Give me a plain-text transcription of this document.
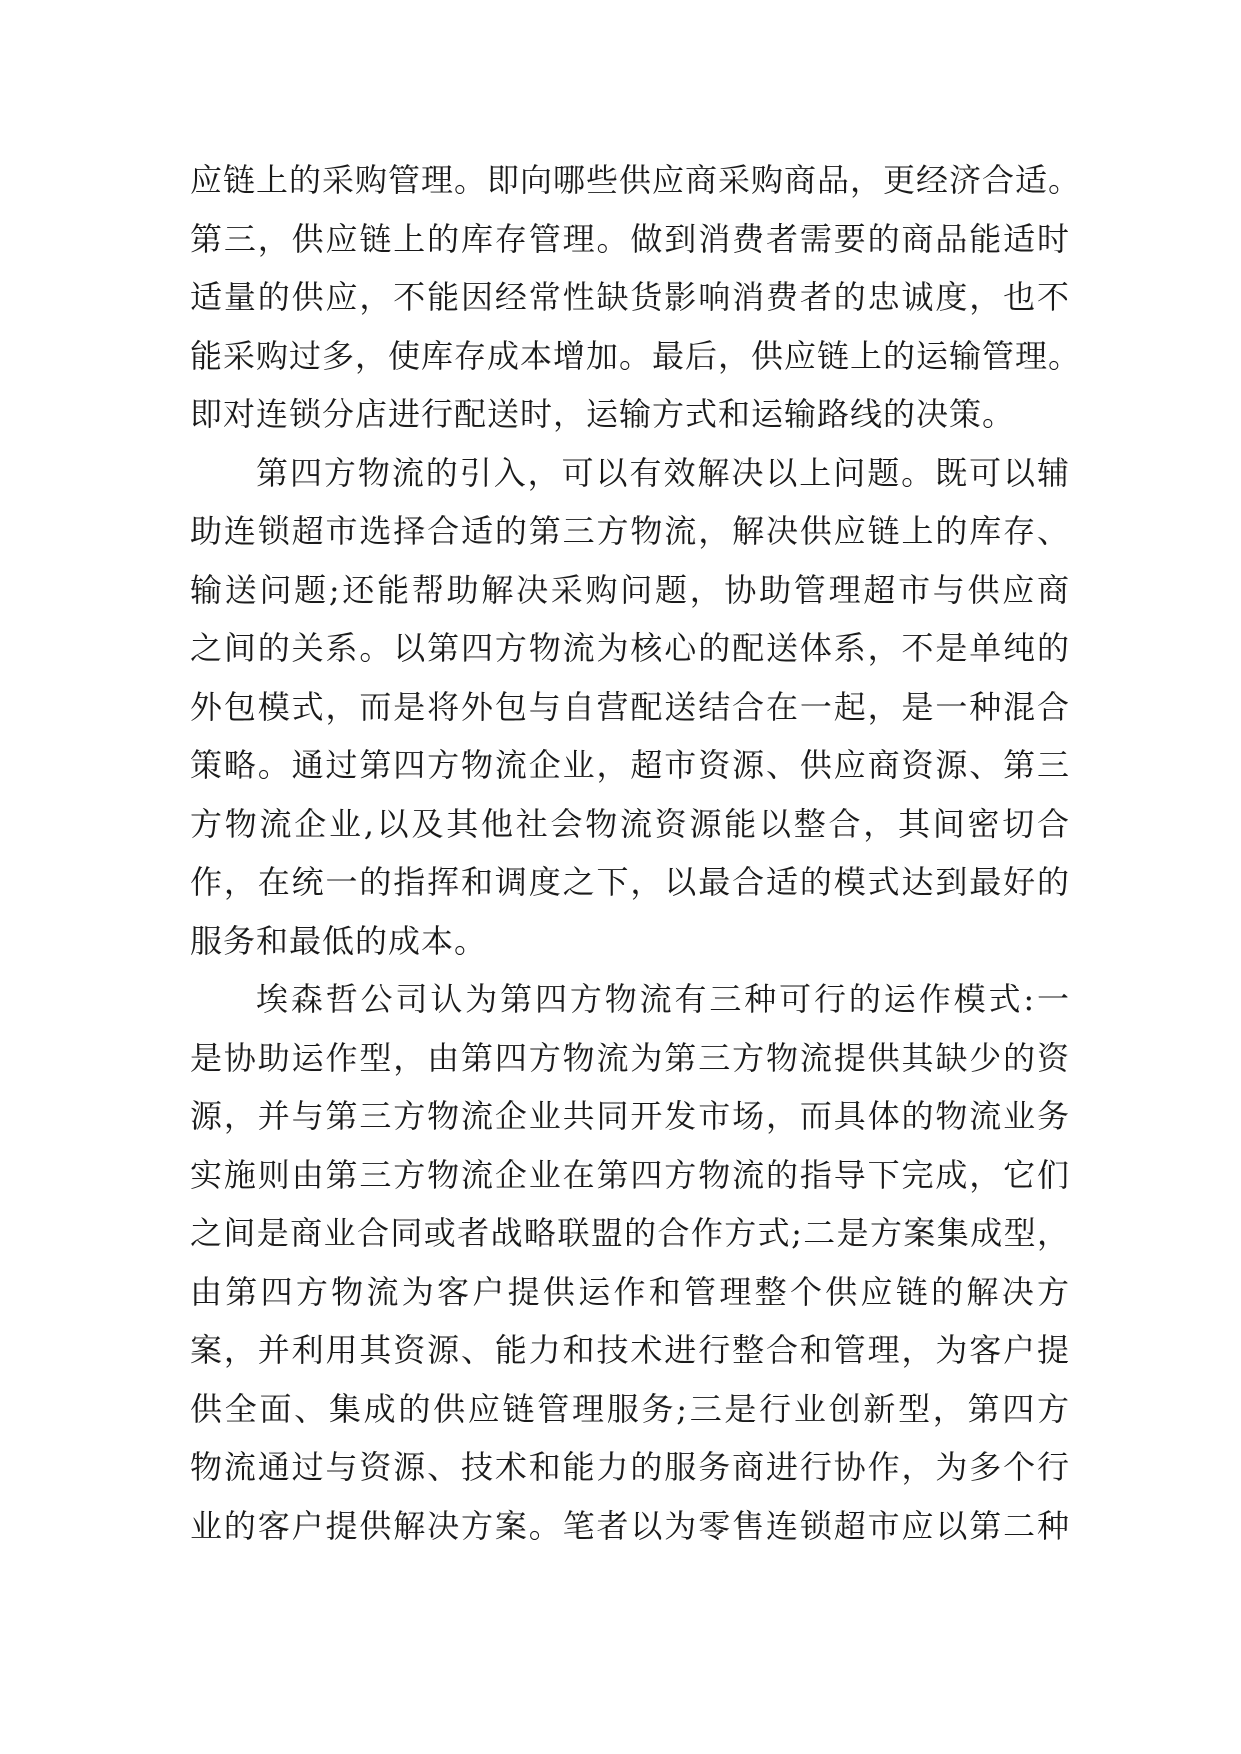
应链上的采购管理。即向哪些供应商采购商品，更经济合适。
第三，供应链上的库存管理。做到消费者需要的商品能适时
适量的供应，不能因经常性缺货影响消费者的忠诚度，也不
能采购过多，使库存成本增加。最后，供应链上的运输管理。
即对连锁分店进行配送时，运输方式和运输路线的决策。
第四方物流的引入，可以有效解决以上问题。既可以辅
助连锁超市选择合适的第三方物流，解决供应链上的库存、
输送问题;还能帮助解决采购问题，协助管理超市与供应商
之间的关系。以第四方物流为核心的配送体系，不是单纯的
外包模式，而是将外包与自营配送结合在一起，是一种混合
策略。通过第四方物流企业，超市资源、供应商资源、第三
方物流企业,以及其他社会物流资源能以整合，其间密切合
作，在统一的指挥和调度之下，以最合适的模式达到最好的
服务和最低的成本。
埃森哲公司认为第四方物流有三种可行的运作模式:一
是协助运作型，由第四方物流为第三方物流提供其缺少的资
源，并与第三方物流企业共同开发市场，而具体的物流业务
实施则由第三方物流企业在第四方物流的指导下完成，它们
之间是商业合同或者战略联盟的合作方式;二是方案集成型，
由第四方物流为客户提供运作和管理整个供应链的解决方
案，并利用其资源、能力和技术进行整合和管理，为客户提
供全面、集成的供应链管理服务;三是行业创新型，第四方
物流通过与资源、技术和能力的服务商进行协作，为多个行
业的客户提供解决方案。笔者以为零售连锁超市应以第二种
